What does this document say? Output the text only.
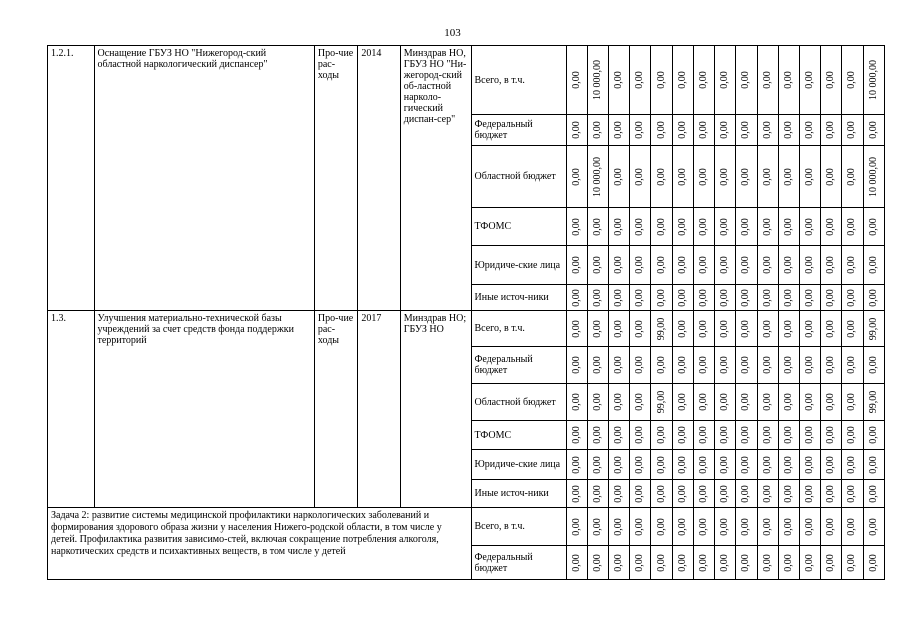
103
1.2.1.	Оснащение ГБУЗ НО "Нижегород-ский областной наркологический диспансер"	Про-чие рас-ходы	2014	Минздрав НО, ГБУЗ НО "Ни-жегород-ский об-ластной нарколо-гический диспан-сер"	Всего, в т.ч.	0,00	10 000,00	0,00	0,00	0,00	0,00	0,00	0,00	0,00	0,00	0,00	0,00	0,00	0,00	10 000,00

					Федеральный бюджет	0,00	0,00	0,00	0,00	0,00	0,00	0,00	0,00	0,00	0,00	0,00	0,00	0,00	0,00	0,00

					Областной бюджет	0,00	10 000,00	0,00	0,00	0,00	0,00	0,00	0,00	0,00	0,00	0,00	0,00	0,00	0,00	10 000,00

					ТФОМС	0,00	0,00	0,00	0,00	0,00	0,00	0,00	0,00	0,00	0,00	0,00	0,00	0,00	0,00	0,00

					Юридиче-ские лица	0,00	0,00	0,00	0,00	0,00	0,00	0,00	0,00	0,00	0,00	0,00	0,00	0,00	0,00	0,00

					Иные источ-ники	0,00	0,00	0,00	0,00	0,00	0,00	0,00	0,00	0,00	0,00	0,00	0,00	0,00	0,00	0,00

1.3.	Улучшения материально-технической базы учреждений за счет средств фонда поддержки территорий	Про-чие рас-ходы	2017	Минздрав НО; ГБУЗ НО	Всего, в т.ч.	0,00	0,00	0,00	0,00	99,00	0,00	0,00	0,00	0,00	0,00	0,00	0,00	0,00	0,00	99,00

					Федеральный бюджет	0,00	0,00	0,00	0,00	0,00	0,00	0,00	0,00	0,00	0,00	0,00	0,00	0,00	0,00	0,00

					Областной бюджет	0,00	0,00	0,00	0,00	99,00	0,00	0,00	0,00	0,00	0,00	0,00	0,00	0,00	0,00	99,00

					ТФОМС	0,00	0,00	0,00	0,00	0,00	0,00	0,00	0,00	0,00	0,00	0,00	0,00	0,00	0,00	0,00

					Юридиче-ские лица	0,00	0,00	0,00	0,00	0,00	0,00	0,00	0,00	0,00	0,00	0,00	0,00	0,00	0,00	0,00

					Иные источ-ники	0,00	0,00	0,00	0,00	0,00	0,00	0,00	0,00	0,00	0,00	0,00	0,00	0,00	0,00	0,00

Задача 2: развитие системы медицинской профилактики наркологических заболеваний и формирования здорового образа жизни у населения Нижего-родской области, в том числе у детей. Профилактика развития зависимо-стей, включая сокращение потребления алкоголя, наркотических средств и психактивных веществ, в том числе у детей					Всего, в т.ч.	0,00	0,00	0,00	0,00	0,00	0,00	0,00	0,00	0,00	0,00	0,00	0,00	0,00	0,00	0,00

					Федеральный бюджет	0,00	0,00	0,00	0,00	0,00	0,00	0,00	0,00	0,00	0,00	0,00	0,00	0,00	0,00	0,00
